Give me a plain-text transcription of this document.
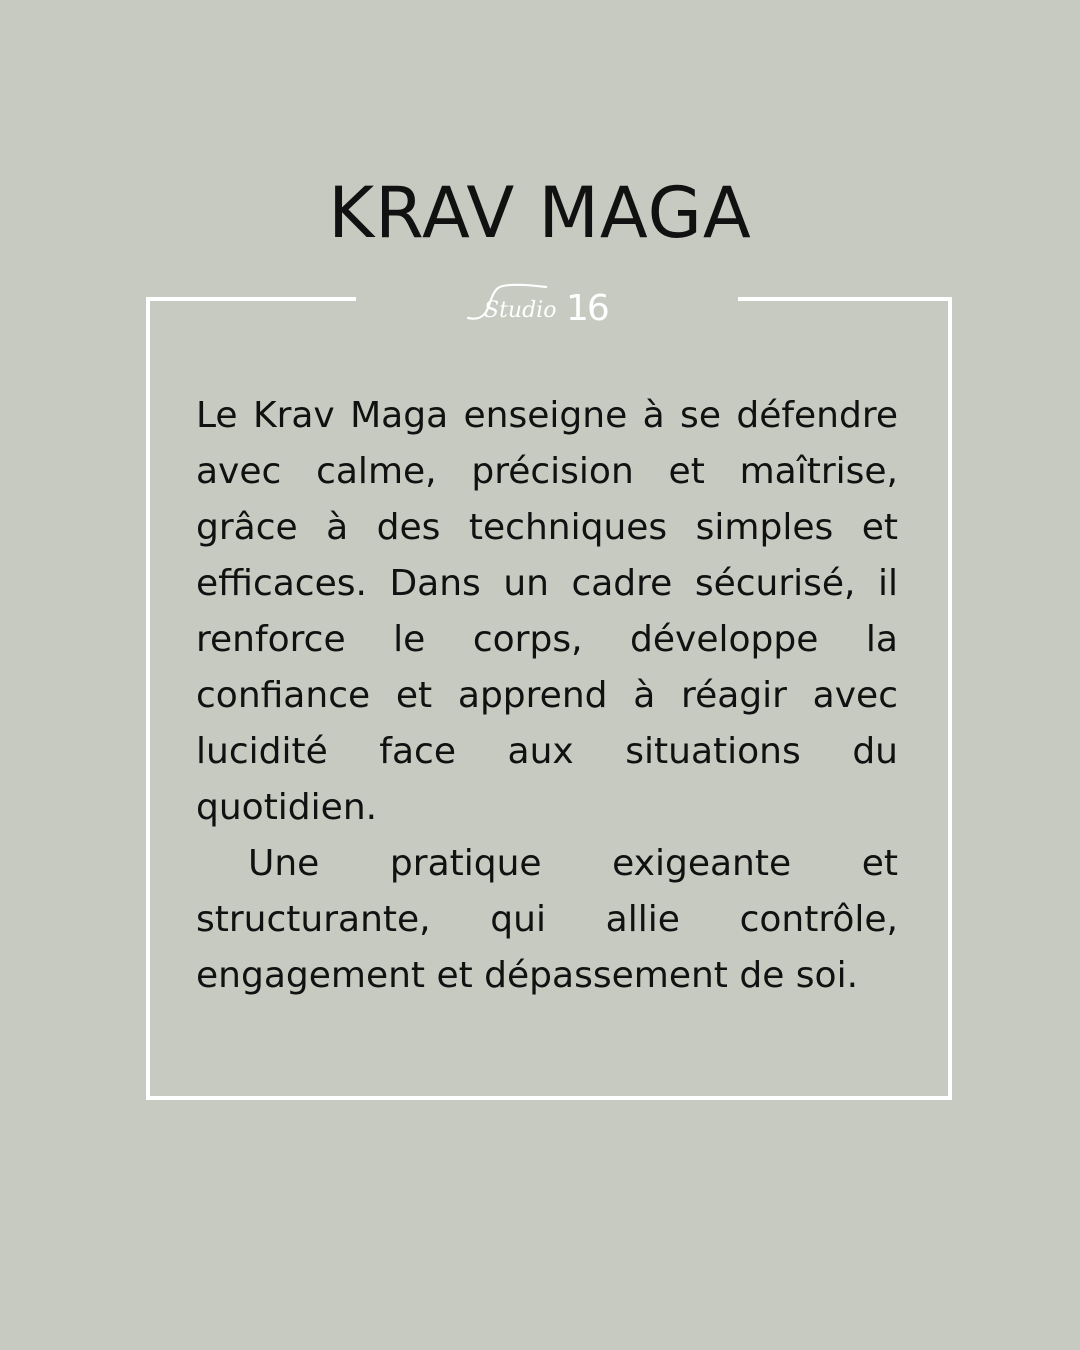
KRAV MAGA
Studio 16

Le Krav Maga enseigne à se défendre avec calme, précision et maîtrise, grâce à des techniques simples et efficaces. Dans un cadre sécurisé, il renforce le corps, développe la confiance et apprend à réagir avec lucidité face aux situations du quotidien.

Une pratique exigeante et structurante, qui allie contrôle, engagement et dépassement de soi.
